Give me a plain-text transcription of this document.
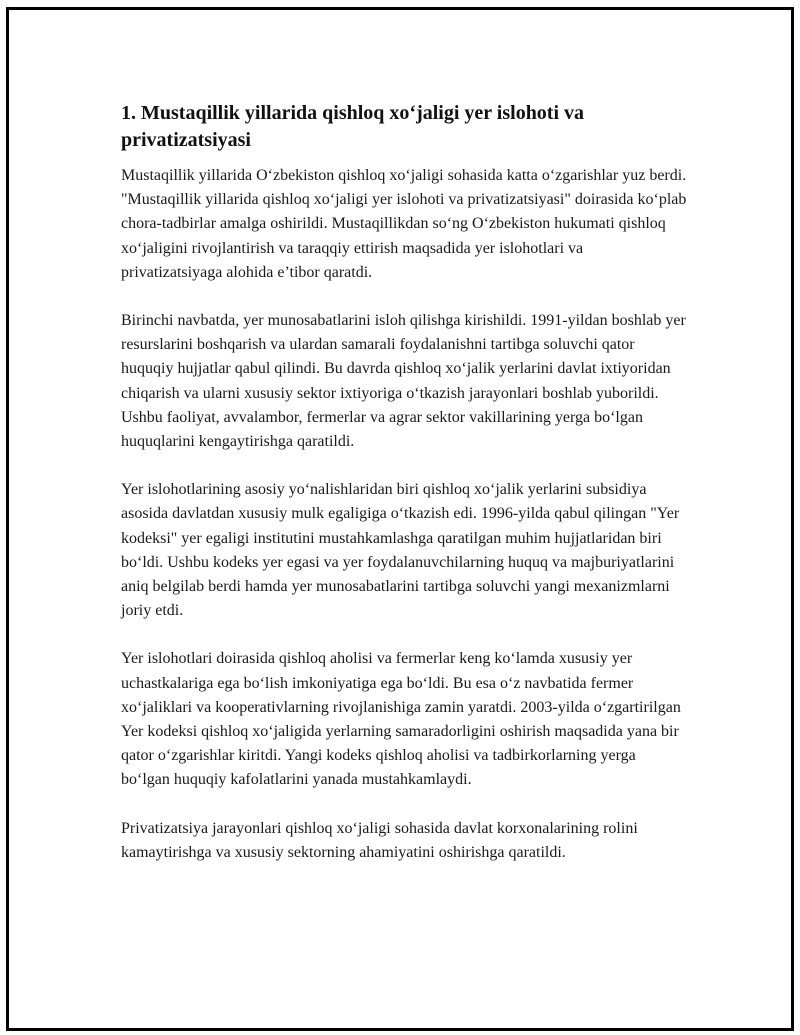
1. Mustaqillik yillarida qishloq xo‘jaligi yer islohoti va privatizatsiyasi

Mustaqillik yillarida O‘zbekiston qishloq xo‘jaligi sohasida katta o‘zgarishlar yuz berdi. "Mustaqillik yillarida qishloq xo‘jaligi yer islohoti va privatizatsiyasi" doirasida ko‘plab chora-tadbirlar amalga oshirildi. Mustaqillikdan so‘ng O‘zbekiston hukumati qishloq xo‘jaligini rivojlantirish va taraqqiy ettirish maqsadida yer islohotlari va privatizatsiyaga alohida e’tibor qaratdi.

Birinchi navbatda, yer munosabatlarini isloh qilishga kirishildi. 1991-yildan boshlab yer resurslarini boshqarish va ulardan samarali foydalanishni tartibga soluvchi qator huquqiy hujjatlar qabul qilindi. Bu davrda qishloq xo‘jalik yerlarini davlat ixtiyoridan chiqarish va ularni xususiy sektor ixtiyoriga o‘tkazish jarayonlari boshlab yuborildi. Ushbu faoliyat, avvalambor, fermerlar va agrar sektor vakillarining yerga bo‘lgan huquqlarini kengaytirishga qaratildi.

Yer islohotlarining asosiy yo‘nalishlaridan biri qishloq xo‘jalik yerlarini subsidiya asosida davlatdan xususiy mulk egaligiga o‘tkazish edi. 1996-yilda qabul qilingan "Yer kodeksi" yer egaligi institutini mustahkamlashga qaratilgan muhim hujjatlaridan biri bo‘ldi. Ushbu kodeks yer egasi va yer foydalanuvchilarning huquq va majburiyatlarini aniq belgilab berdi hamda yer munosabatlarini tartibga soluvchi yangi mexanizmlarni joriy etdi.

Yer islohotlari doirasida qishloq aholisi va fermerlar keng ko‘lamda xususiy yer uchastkalariga ega bo‘lish imkoniyatiga ega bo‘ldi. Bu esa o‘z navbatida fermer xo‘jaliklari va kooperativlarning rivojlanishiga zamin yaratdi. 2003-yilda o‘zgartirilgan Yer kodeksi qishloq xo‘jaligida yerlarning samaradorligini oshirish maqsadida yana bir qator o‘zgarishlar kiritdi. Yangi kodeks qishloq aholisi va tadbirkorlarning yerga bo‘lgan huquqiy kafolatlarini yanada mustahkamlaydi.

Privatizatsiya jarayonlari qishloq xo‘jaligi sohasida davlat korxonalarining rolini kamaytirishga va xususiy sektorning ahamiyatini oshirishga qaratildi.
